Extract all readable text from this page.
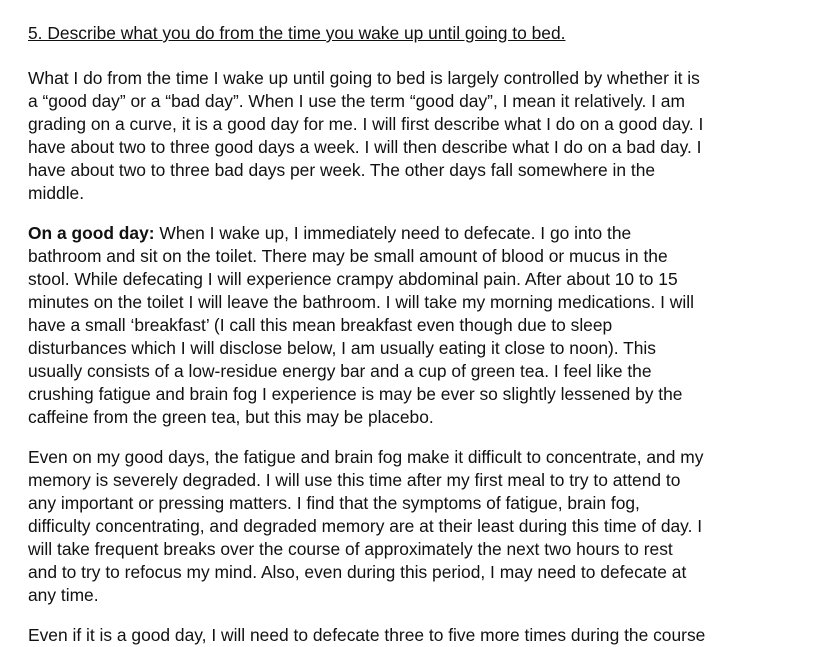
5. Describe what you do from the time you wake up until going to bed.
What I do from the time I wake up until going to bed is largely controlled by whether it is
a “good day” or a “bad day”. When I use the term “good day”, I mean it relatively. I am
grading on a curve, it is a good day for me. I will first describe what I do on a good day. I
have about two to three good days a week. I will then describe what I do on a bad day. I
have about two to three bad days per week. The other days fall somewhere in the
middle.
On a good day: When I wake up, I immediately need to defecate. I go into the
bathroom and sit on the toilet. There may be small amount of blood or mucus in the
stool. While defecating I will experience crampy abdominal pain. After about 10 to 15
minutes on the toilet I will leave the bathroom. I will take my morning medications. I will
have a small ‘breakfast’ (I call this mean breakfast even though due to sleep
disturbances which I will disclose below, I am usually eating it close to noon). This
usually consists of a low-residue energy bar and a cup of green tea. I feel like the
crushing fatigue and brain fog I experience is may be ever so slightly lessened by the
caffeine from the green tea, but this may be placebo.
Even on my good days, the fatigue and brain fog make it difficult to concentrate, and my
memory is severely degraded. I will use this time after my first meal to try to attend to
any important or pressing matters. I find that the symptoms of fatigue, brain fog,
difficulty concentrating, and degraded memory are at their least during this time of day. I
will take frequent breaks over the course of approximately the next two hours to rest
and to try to refocus my mind. Also, even during this period, I may need to defecate at
any time.
Even if it is a good day, I will need to defecate three to five more times during the course
